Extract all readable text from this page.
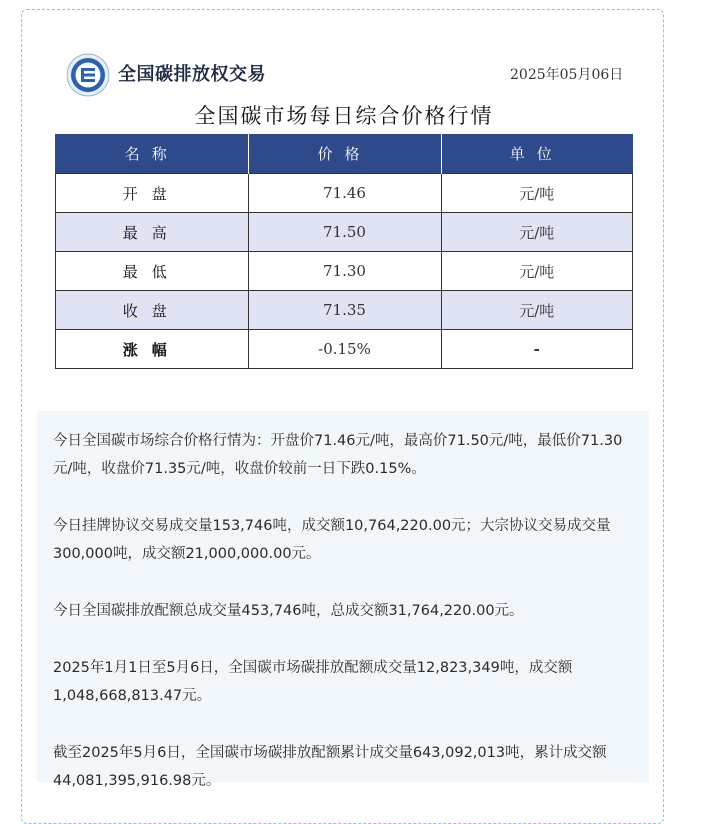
全国碳排放权交易	2025年05月06日
全国碳市场每日综合价格行情
名称	价格	单位
开盘	71.46	元/吨
最高	71.50	元/吨
最低	71.30	元/吨
收盘	71.35	元/吨
涨幅	-0.15%	-

今日全国碳市场综合价格行情为：开盘价71.46元/吨，最高价71.50元/吨，最低价71.30元/吨，收盘价71.35元/吨，收盘价较前一日下跌0.15%。

今日挂牌协议交易成交量153,746吨，成交额10,764,220.00元；大宗协议交易成交量300,000吨，成交额21,000,000.00元。

今日全国碳排放配额总成交量453,746吨，总成交额31,764,220.00元。

2025年1月1日至5月6日，全国碳市场碳排放配额成交量12,823,349吨，成交额1,048,668,813.47元。

截至2025年5月6日，全国碳市场碳排放配额累计成交量643,092,013吨，累计成交额44,081,395,916.98元。
